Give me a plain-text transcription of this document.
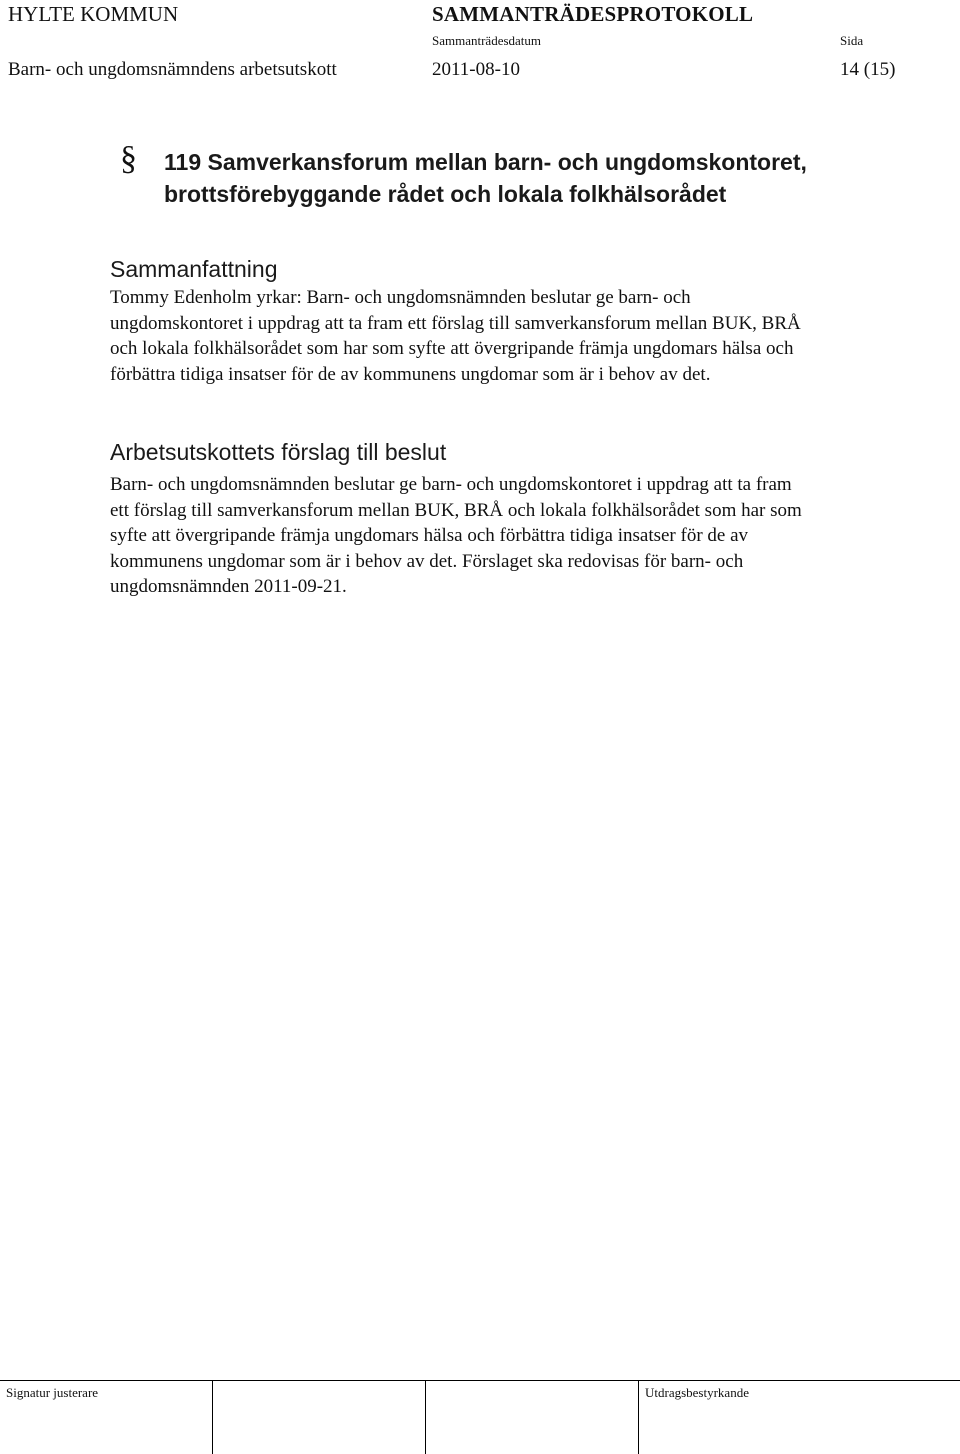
HYLTE KOMMUN	SAMMANTRÄDESPROTOKOLL
Sammanträdesdatum	Sida
Barn- och ungdomsnämndens arbetsutskott	2011-08-10	14 (15)
§ 119 Samverkansforum mellan barn- och ungdomskontoret,
brottsförebyggande rådet och lokala folkhälsorådet
Sammanfattning
Tommy Edenholm yrkar: Barn- och ungdomsnämnden beslutar ge barn- och
ungdomskontoret i uppdrag att ta fram ett förslag till samverkansforum mellan BUK, BRÅ
och lokala folkhälsorådet som har som syfte att övergripande främja ungdomars hälsa och
förbättra tidiga insatser för de av kommunens ungdomar som är i behov av det.
Arbetsutskottets förslag till beslut
Barn- och ungdomsnämnden beslutar ge barn- och ungdomskontoret i uppdrag att ta fram
ett förslag till samverkansforum mellan BUK, BRÅ och lokala folkhälsorådet som har som
syfte att övergripande främja ungdomars hälsa och förbättra tidiga insatser för de av
kommunens ungdomar som är i behov av det. Förslaget ska redovisas för barn- och
ungdomsnämnden 2011-09-21.
Signatur justerare	Utdragsbestyrkande
